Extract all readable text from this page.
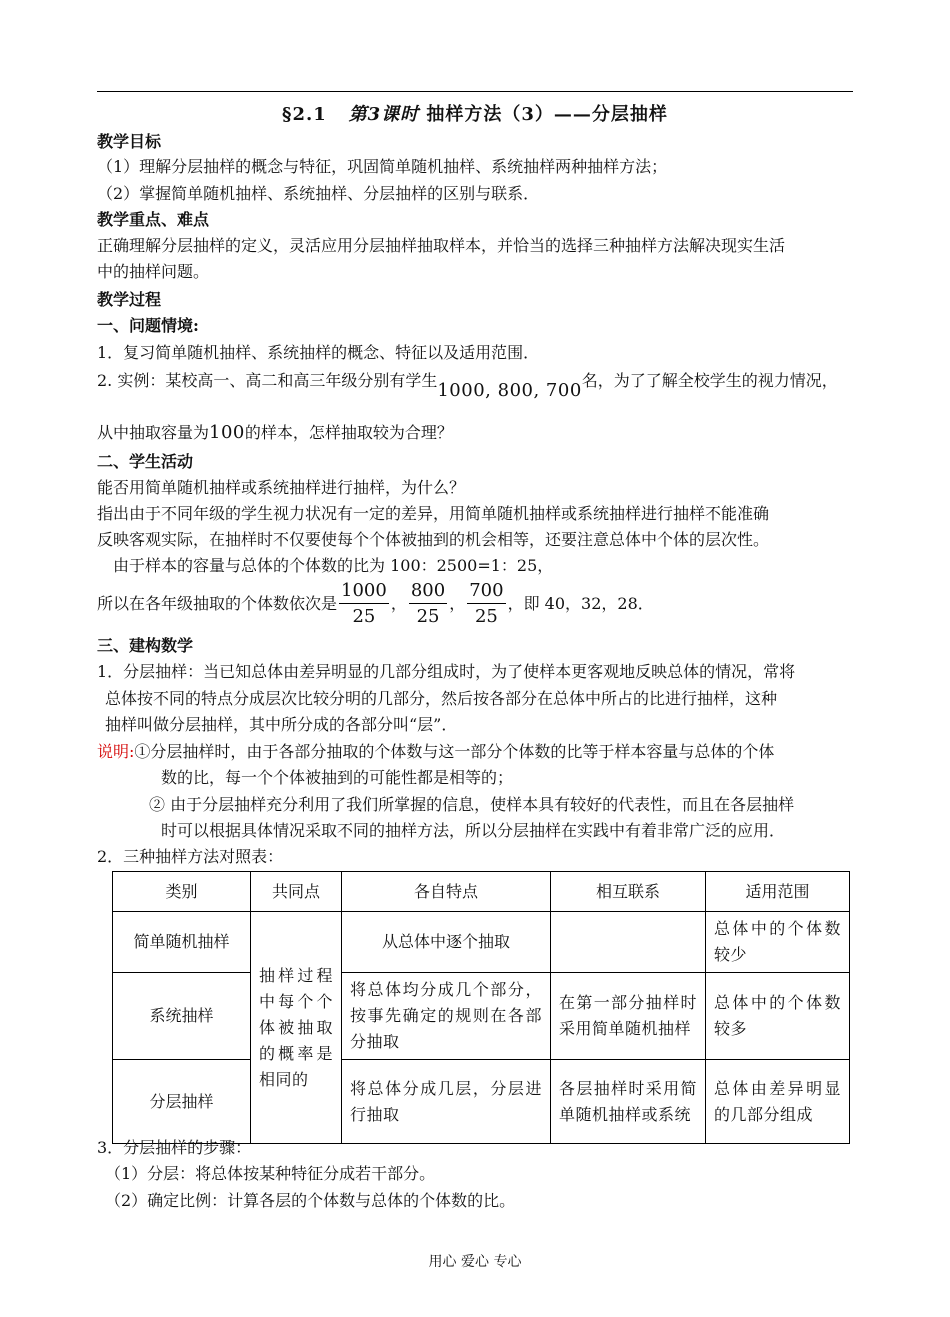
§2.1 第3课时 抽样方法（3）——分层抽样
教学目标
（1）理解分层抽样的概念与特征，巩固简单随机抽样、系统抽样两种抽样方法；
（2）掌握简单随机抽样、系统抽样、分层抽样的区别与联系．
教学重点、难点
正确理解分层抽样的定义，灵活应用分层抽样抽取样本，并恰当的选择三种抽样方法解决现实生活
中的抽样问题。
教学过程
一、问题情境:
1．复习简单随机抽样、系统抽样的概念、特征以及适用范围．
2. 实例：某校高一、高二和高三年级分别有学生1000, 800, 700名，为了了解全校学生的视力情况，
从中抽取容量为100的样本，怎样抽取较为合理？
二、学生活动
能否用简单随机抽样或系统抽样进行抽样，为什么？
指出由于不同年级的学生视力状况有一定的差异，用简单随机抽样或系统抽样进行抽样不能准确
反映客观实际，在抽样时不仅要使每个个体被抽到的机会相等，还要注意总体中个体的层次性。
由于样本的容量与总体的个体数的比为 100：2500=1：25，
所以在各年级抽取的个体数依次是 $\frac{1000}{25}$ ， $\frac{800}{25}$ ， $\frac{700}{25}$ ，即 40，32，28．
三、建构数学
1．分层抽样：当已知总体由差异明显的几部分组成时，为了使样本更客观地反映总体的情况，常将
总体按不同的特点分成层次比较分明的几部分，然后按各部分在总体中所占的比进行抽样，这种
抽样叫做分层抽样，其中所分成的各部分叫“层”．
说明:①分层抽样时，由于各部分抽取的个体数与这一部分个体数的比等于样本容量与总体的个体
数的比，每一个个体被抽到的可能性都是相等的；
② 由于分层抽样充分利用了我们所掌握的信息，使样本具有较好的代表性，而且在各层抽样
时可以根据具体情况采取不同的抽样方法，所以分层抽样在实践中有着非常广泛的应用．
2．三种抽样方法对照表：
类别	共同点	各自特点	相互联系	适用范围
简单随机抽样	抽样过程中每个个体被抽取的概率是相同的	从总体中逐个抽取		总体中的个体数较少
系统抽样		将总体均分成几个部分，按事先确定的规则在各部分抽取	在第一部分抽样时采用简单随机抽样	总体中的个体数较多
分层抽样		将总体分成几层，分层进行抽取	各层抽样时采用简单随机抽样或系统	总体由差异明显的几部分组成
3．分层抽样的步骤：
（1）分层：将总体按某种特征分成若干部分。
（2）确定比例：计算各层的个体数与总体的个体数的比。
用心 爱心 专心
